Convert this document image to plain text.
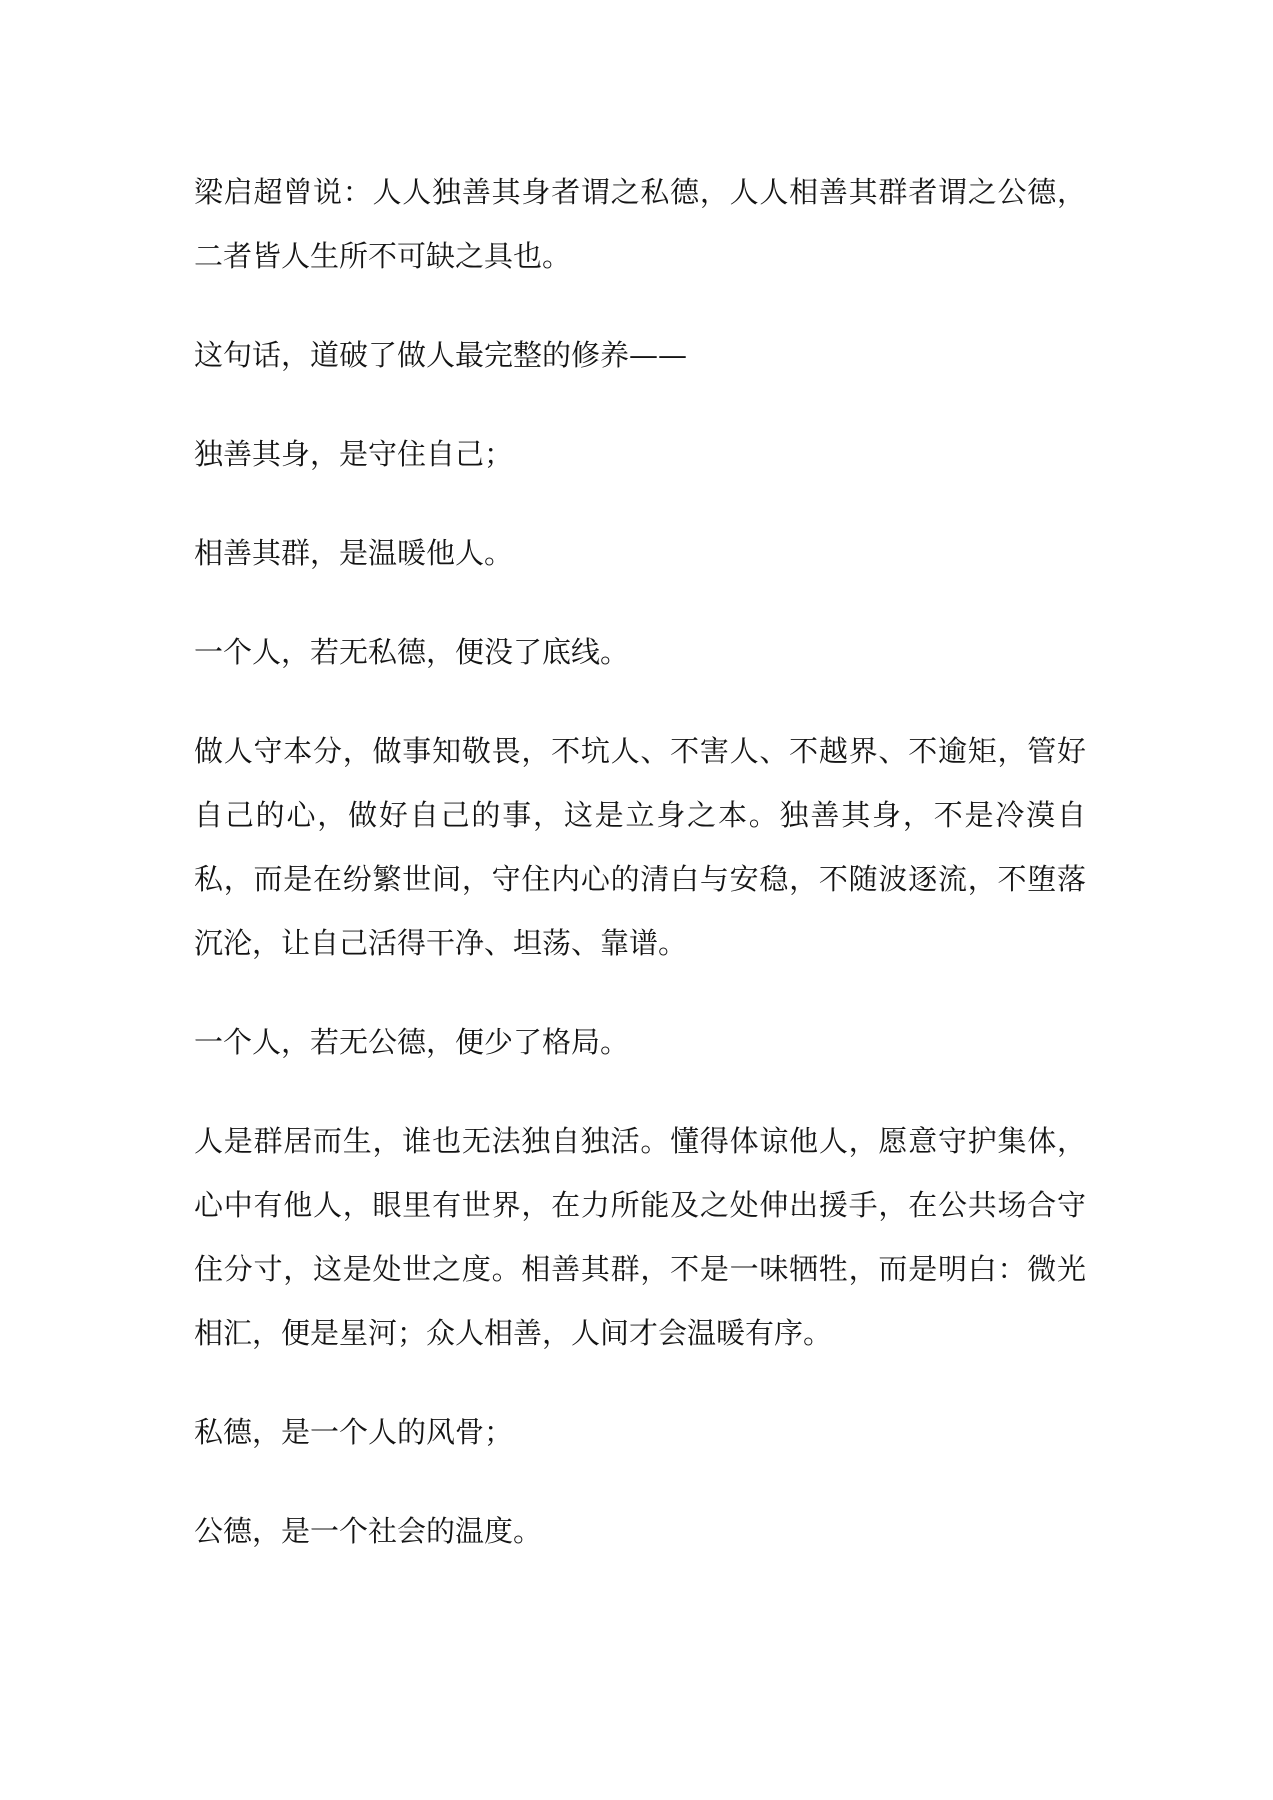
梁启超曾说：人人独善其身者谓之私德，人人相善其群者谓之公德，二者皆人生所不可缺之具也。

这句话，道破了做人最完整的修养——

独善其身，是守住自己；

相善其群，是温暖他人。

一个人，若无私德，便没了底线。

做人守本分，做事知敬畏，不坑人、不害人、不越界、不逾矩，管好自己的心，做好自己的事，这是立身之本。独善其身，不是冷漠自私，而是在纷繁世间，守住内心的清白与安稳，不随波逐流，不堕落沉沦，让自己活得干净、坦荡、靠谱。

一个人，若无公德，便少了格局。

人是群居而生，谁也无法独自独活。懂得体谅他人，愿意守护集体，心中有他人，眼里有世界，在力所能及之处伸出援手，在公共场合守住分寸，这是处世之度。相善其群，不是一味牺牲，而是明白：微光相汇，便是星河；众人相善，人间才会温暖有序。

私德，是一个人的风骨；

公德，是一个社会的温度。
